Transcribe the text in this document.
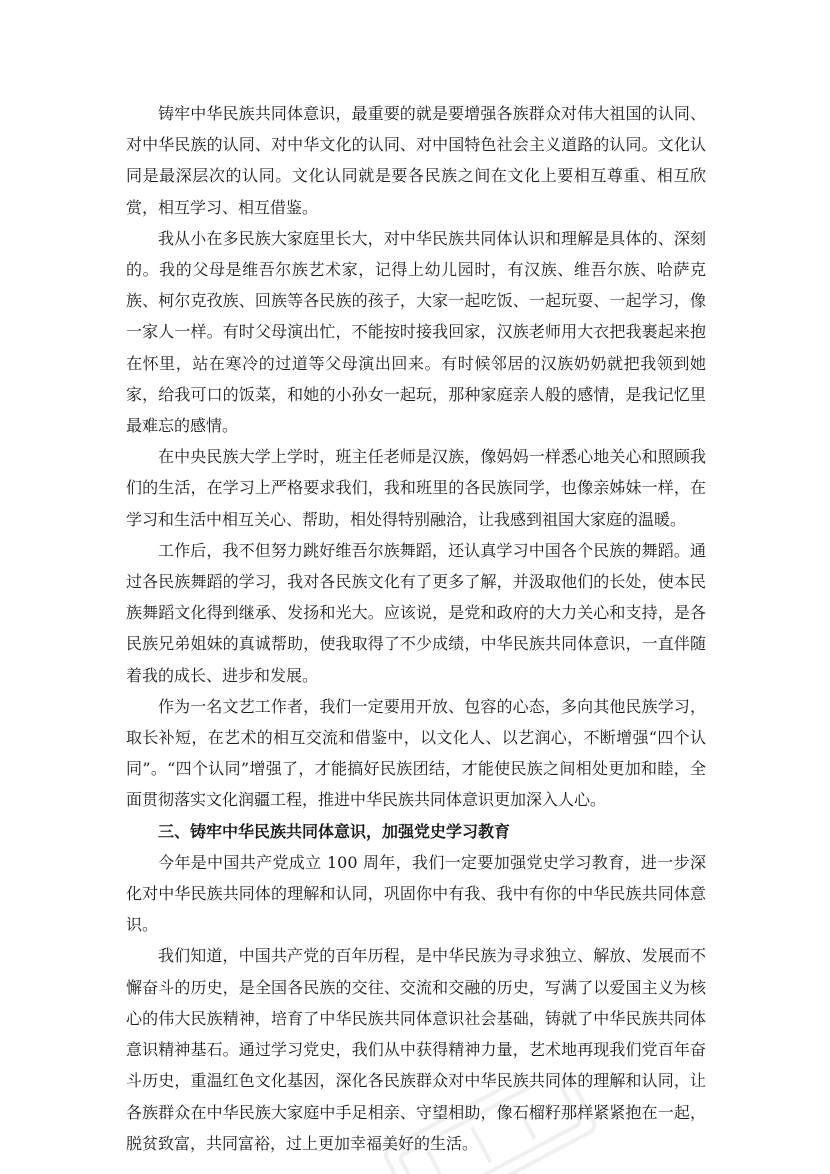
铸牢中华民族共同体意识，最重要的就是要增强各族群众对伟大祖国的认同、对中华民族的认同、对中华文化的认同、对中国特色社会主义道路的认同。文化认同是最深层次的认同。文化认同就是要各民族之间在文化上要相互尊重、相互欣赏，相互学习、相互借鉴。

我从小在多民族大家庭里长大，对中华民族共同体认识和理解是具体的、深刻的。我的父母是维吾尔族艺术家，记得上幼儿园时，有汉族、维吾尔族、哈萨克族、柯尔克孜族、回族等各民族的孩子，大家一起吃饭、一起玩耍、一起学习，像一家人一样。有时父母演出忙，不能按时接我回家，汉族老师用大衣把我裹起来抱在怀里，站在寒冷的过道等父母演出回来。有时候邻居的汉族奶奶就把我领到她家，给我可口的饭菜，和她的小孙女一起玩，那种家庭亲人般的感情，是我记忆里最难忘的感情。

在中央民族大学上学时，班主任老师是汉族，像妈妈一样悉心地关心和照顾我们的生活，在学习上严格要求我们，我和班里的各民族同学，也像亲姊妹一样，在学习和生活中相互关心、帮助，相处得特别融洽，让我感到祖国大家庭的温暖。

工作后，我不但努力跳好维吾尔族舞蹈，还认真学习中国各个民族的舞蹈。通过各民族舞蹈的学习，我对各民族文化有了更多了解，并汲取他们的长处，使本民族舞蹈文化得到继承、发扬和光大。应该说，是党和政府的大力关心和支持，是各民族兄弟姐妹的真诚帮助，使我取得了不少成绩，中华民族共同体意识，一直伴随着我的成长、进步和发展。

作为一名文艺工作者，我们一定要用开放、包容的心态，多向其他民族学习，取长补短，在艺术的相互交流和借鉴中，以文化人、以艺润心，不断增强“四个认同”。“四个认同”增强了，才能搞好民族团结，才能使民族之间相处更加和睦，全面贯彻落实文化润疆工程，推进中华民族共同体意识更加深入人心。

三、铸牢中华民族共同体意识，加强党史学习教育

今年是中国共产党成立 100 周年，我们一定要加强党史学习教育，进一步深化对中华民族共同体的理解和认同，巩固你中有我、我中有你的中华民族共同体意识。

我们知道，中国共产党的百年历程，是中华民族为寻求独立、解放、发展而不懈奋斗的历史，是全国各民族的交往、交流和交融的历史，写满了以爱国主义为核心的伟大民族精神，培育了中华民族共同体意识社会基础，铸就了中华民族共同体意识精神基石。通过学习党史，我们从中获得精神力量，艺术地再现我们党百年奋斗历史，重温红色文化基因，深化各民族群众对中华民族共同体的理解和认同，让各族群众在中华民族大家庭中手足相亲、守望相助，像石榴籽那样紧紧抱在一起，脱贫致富，共同富裕，过上更加幸福美好的生活。
